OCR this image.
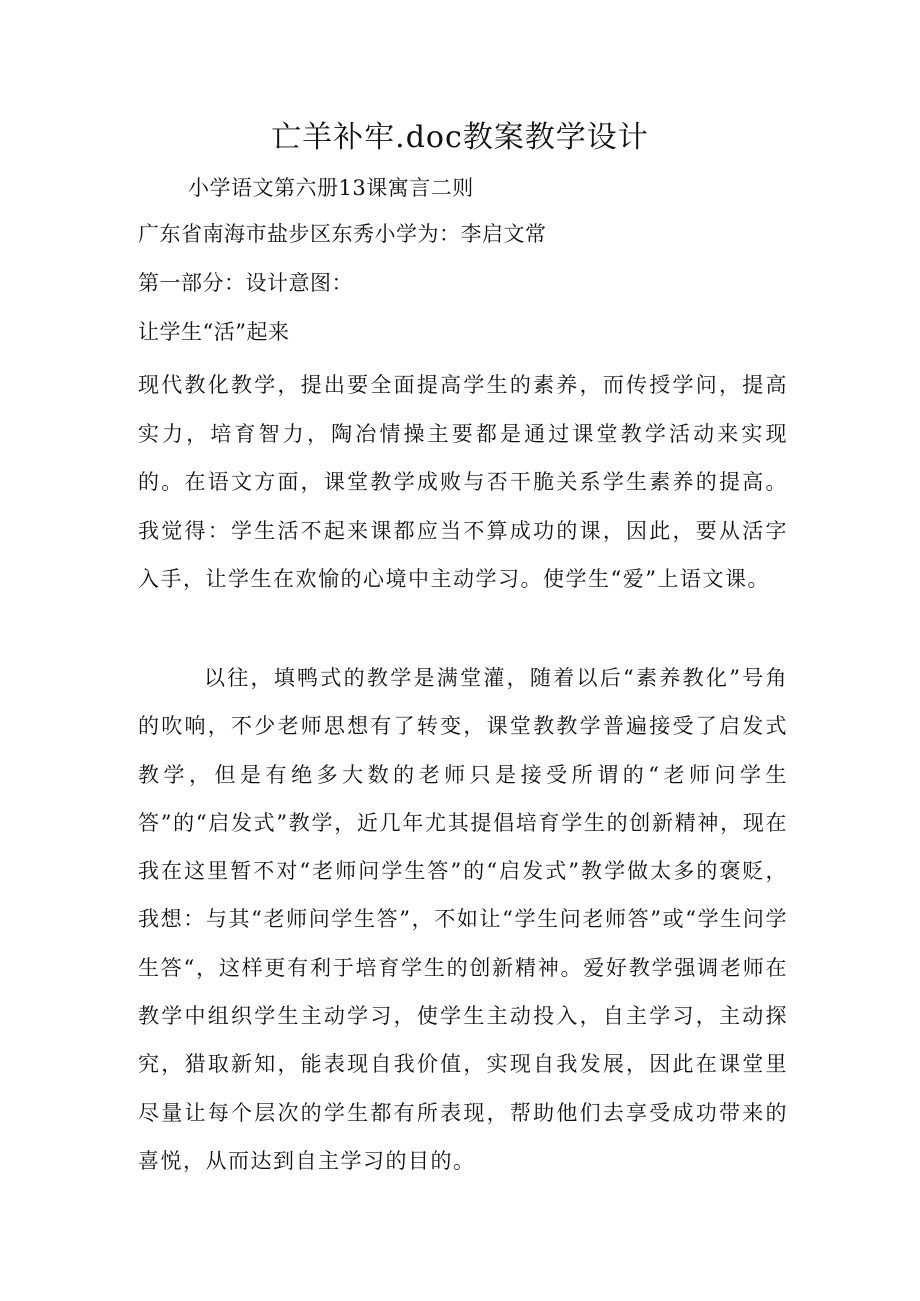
亡羊补牢.doc教案教学设计
小学语文第六册13课寓言二则
广东省南海市盐步区东秀小学为：李启文常
第一部分：设计意图：
让学生“活”起来

现代教化教学，提出要全面提高学生的素养，而传授学问，提高实力，培育智力，陶冶情操主要都是通过课堂教学活动来实现的。在语文方面，课堂教学成败与否干脆关系学生素养的提高。我觉得：学生活不起来课都应当不算成功的课，因此，要从活字入手，让学生在欢愉的心境中主动学习。使学生“爱”上语文课。

以往，填鸭式的教学是满堂灌，随着以后“素养教化”号角的吹响，不少老师思想有了转变，课堂教教学普遍接受了启发式教学，但是有绝多大数的老师只是接受所谓的“老师问学生答”的“启发式”教学，近几年尤其提倡培育学生的创新精神，现在我在这里暂不对“老师问学生答”的“启发式”教学做太多的褒贬，我想：与其“老师问学生答”，不如让“学生问老师答”或“学生问学生答“，这样更有利于培育学生的创新精神。爱好教学强调老师在教学中组织学生主动学习，使学生主动投入，自主学习，主动探究，猎取新知，能表现自我价值，实现自我发展，因此在课堂里尽量让每个层次的学生都有所表现，帮助他们去享受成功带来的喜悦，从而达到自主学习的目的。
